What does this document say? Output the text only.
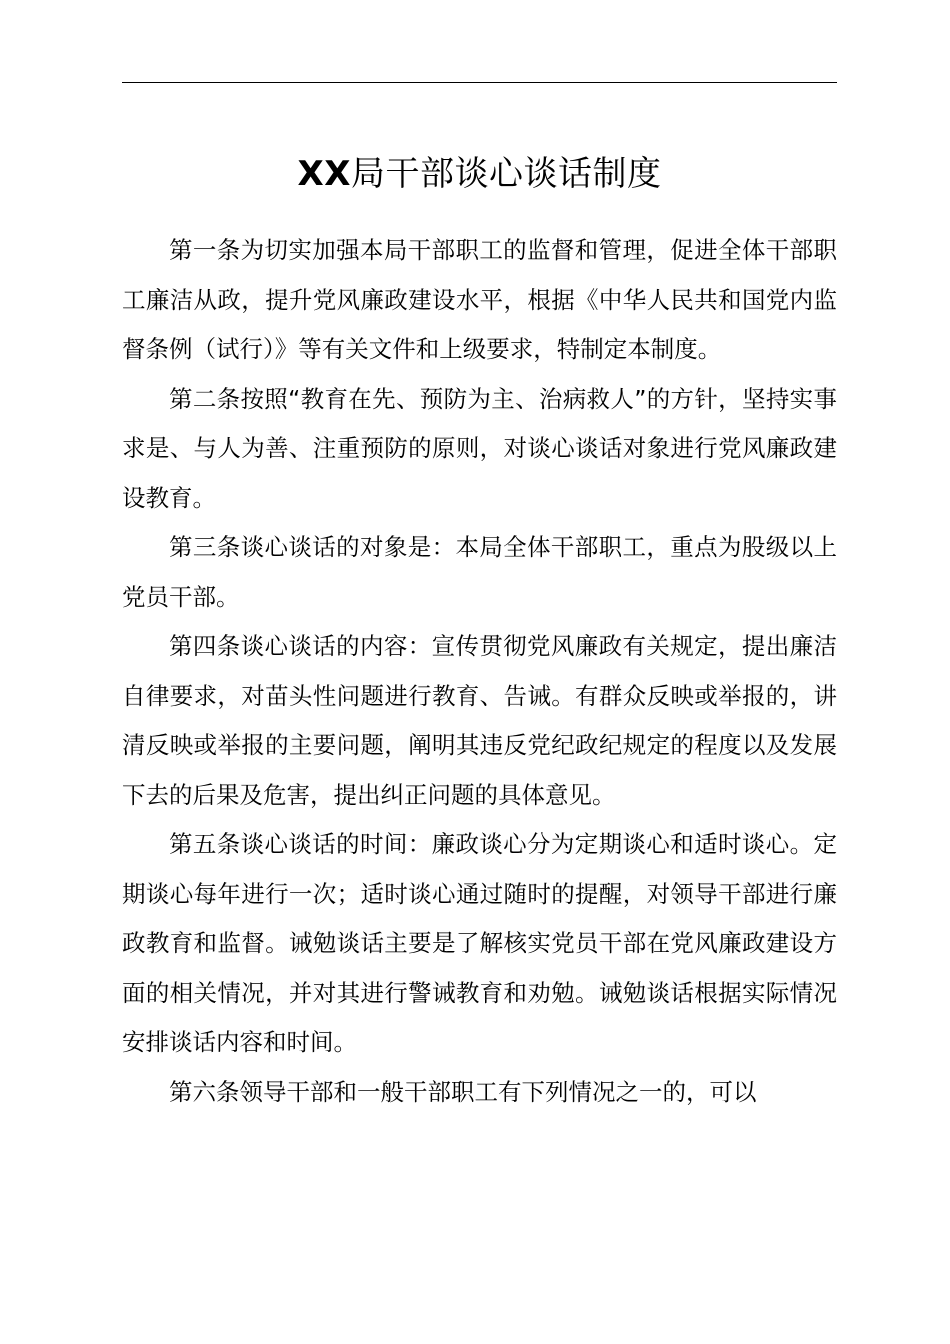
XX局干部谈心谈话制度

第一条为切实加强本局干部职工的监督和管理，促进全体干部职工廉洁从政，提升党风廉政建设水平，根据《中华人民共和国党内监督条例（试行）》等有关文件和上级要求，特制定本制度。

第二条按照“教育在先、预防为主、治病救人”的方针，坚持实事求是、与人为善、注重预防的原则，对谈心谈话对象进行党风廉政建设教育。

第三条谈心谈话的对象是：本局全体干部职工，重点为股级以上党员干部。

第四条谈心谈话的内容：宣传贯彻党风廉政有关规定，提出廉洁自律要求，对苗头性问题进行教育、告诫。有群众反映或举报的，讲清反映或举报的主要问题，阐明其违反党纪政纪规定的程度以及发展下去的后果及危害，提出纠正问题的具体意见。

第五条谈心谈话的时间：廉政谈心分为定期谈心和适时谈心。定期谈心每年进行一次；适时谈心通过随时的提醒，对领导干部进行廉政教育和监督。诫勉谈话主要是了解核实党员干部在党风廉政建设方面的相关情况，并对其进行警诫教育和劝勉。诫勉谈话根据实际情况安排谈话内容和时间。

第六条领导干部和一般干部职工有下列情况之一的，可以
